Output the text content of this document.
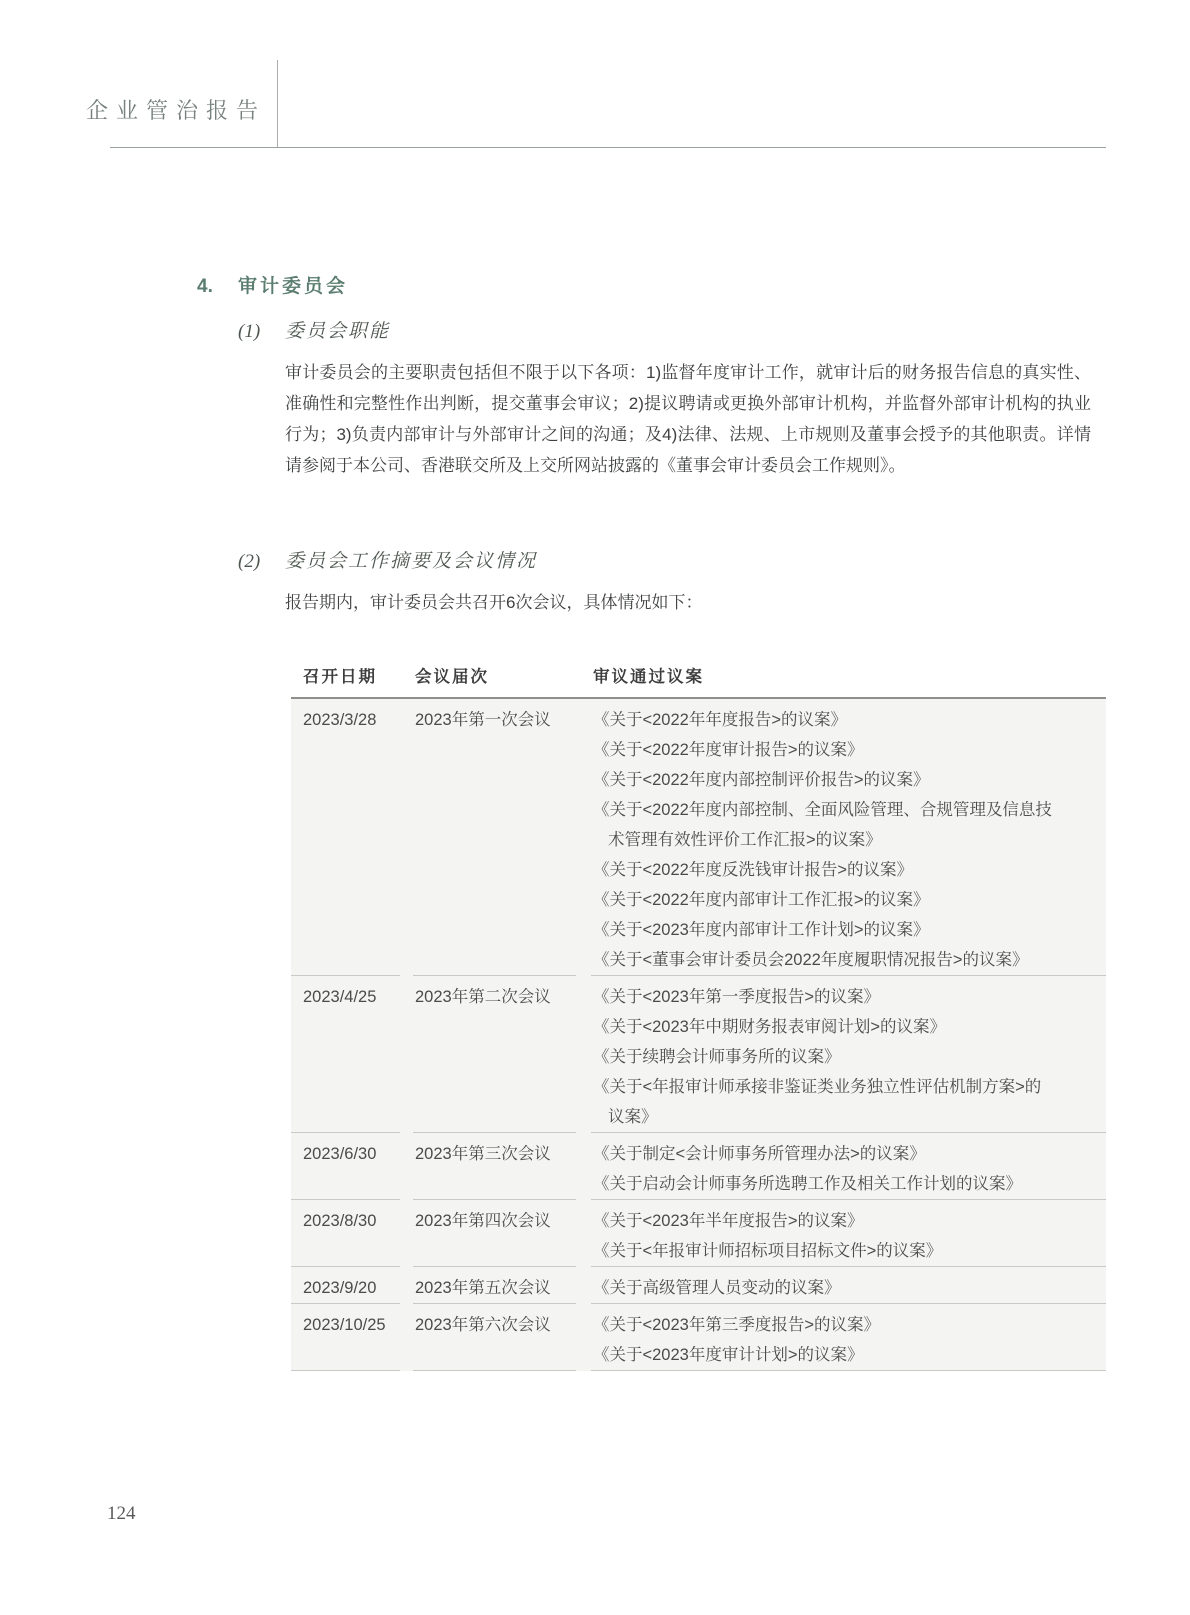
企业管治报告
4. 审计委员会
(1) 委员会职能

审计委员会的主要职责包括但不限于以下各项：1)监督年度审计工作，就审计后的财务报告信息的真实性、准确性和完整性作出判断，提交董事会审议；2)提议聘请或更换外部审计机构，并监督外部审计机构的执业行为；3)负责内部审计与外部审计之间的沟通；及4)法律、法规、上市规则及董事会授予的其他职责。详情请参阅于本公司、香港联交所及上交所网站披露的《董事会审计委员会工作规则》。

(2) 委员会工作摘要及会议情况

报告期内，审计委员会共召开6次会议，具体情况如下：

召开日期	会议届次	审议通过议案
2023/3/28	2023年第一次会议	《关于<2022年年度报告>的议案》
《关于<2022年度审计报告>的议案》
《关于<2022年度内部控制评价报告>的议案》
《关于<2022年度内部控制、全面风险管理、合规管理及信息技
术管理有效性评价工作汇报>的议案》
《关于<2022年度反洗钱审计报告>的议案》
《关于<2022年度内部审计工作汇报>的议案》
《关于<2023年度内部审计工作计划>的议案》
《关于<董事会审计委员会2022年度履职情况报告>的议案》
2023/4/25	2023年第二次会议	《关于<2023年第一季度报告>的议案》
《关于<2023年中期财务报表审阅计划>的议案》
《关于续聘会计师事务所的议案》
《关于<年报审计师承接非鉴证类业务独立性评估机制方案>的
议案》
2023/6/30	2023年第三次会议	《关于制定<会计师事务所管理办法>的议案》
《关于启动会计师事务所选聘工作及相关工作计划的议案》
2023/8/30	2023年第四次会议	《关于<2023年半年度报告>的议案》
《关于<年报审计师招标项目招标文件>的议案》
2023/9/20	2023年第五次会议	《关于高级管理人员变动的议案》
2023/10/25	2023年第六次会议	《关于<2023年第三季度报告>的议案》
《关于<2023年度审计计划>的议案》
124
